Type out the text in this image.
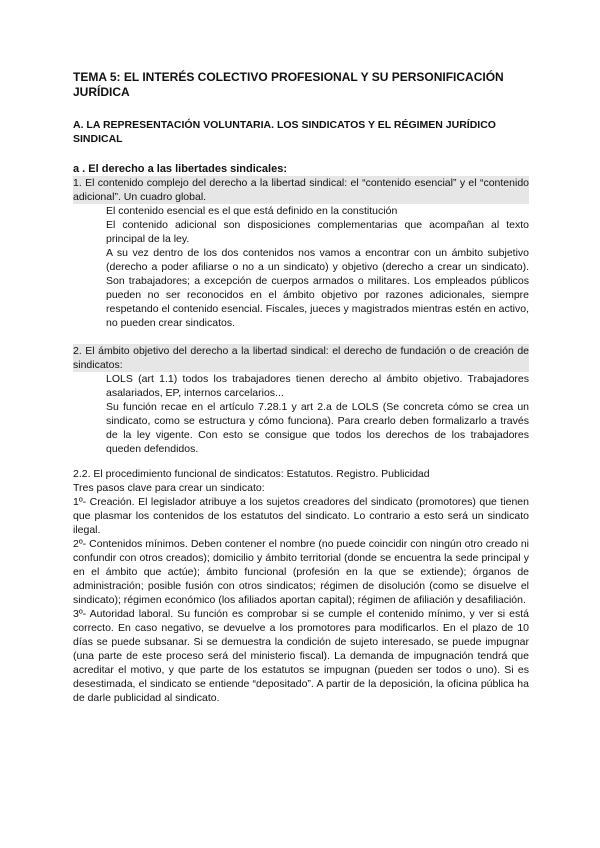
TEMA 5: EL INTERÉS COLECTIVO PROFESIONAL Y SU PERSONIFICACIÓN JURÍDICA
A. LA REPRESENTACIÓN VOLUNTARIA. LOS SINDICATOS Y EL RÉGIMEN JURÍDICO SINDICAL
a . El derecho a las libertades sindicales:
1. El contenido complejo del derecho a la libertad sindical: el “contenido esencial” y el “contenido adicional”. Un cuadro global.
El contenido esencial es el que está definido en la constitución
El contenido adicional son disposiciones complementarias que acompañan al texto principal de la ley.
A su vez dentro de los dos contenidos nos vamos a encontrar con un ámbito subjetivo (derecho a poder afiliarse o no a un sindicato) y objetivo (derecho a crear un sindicato). Son trabajadores; a excepción de cuerpos armados o militares. Los empleados públicos pueden no ser reconocidos en el ámbito objetivo por razones adicionales, siempre respetando el contenido esencial. Fiscales, jueces y magistrados mientras estén en activo, no pueden crear sindicatos.
2. El ámbito objetivo del derecho a la libertad sindical: el derecho de fundación o de creación de sindicatos:
LOLS (art 1.1) todos los trabajadores tienen derecho al ámbito objetivo. Trabajadores asalariados, EP, internos carcelarios...
Su función recae en el artículo 7.28.1 y art 2.a de LOLS (Se concreta cómo se crea un sindicato, como se estructura y cómo funciona). Para crearlo deben formalizarlo a través de la ley vigente. Con esto se consigue que todos los derechos de los trabajadores queden defendidos.
2.2. El procedimiento funcional de sindicatos: Estatutos. Registro. Publicidad
Tres pasos clave para crear un sindicato:
1º- Creación. El legislador atribuye a los sujetos creadores del sindicato (promotores) que tienen que plasmar los contenidos de los estatutos del sindicato. Lo contrario a esto será un sindicato ilegal.
2º- Contenidos mínimos. Deben contener el nombre (no puede coincidir con ningún otro creado ni confundir con otros creados); domicilio y ámbito territorial (donde se encuentra la sede principal y en el ámbito que actúe); ámbito funcional (profesión en la que se extiende); órganos de administración; posible fusión con otros sindicatos; régimen de disolución (como se disuelve el sindicato); régimen económico (los afiliados aportan capital); régimen de afiliación y desafiliación.
3º- Autoridad laboral. Su función es comprobar si se cumple el contenido mínimo, y ver si está correcto. En caso negativo, se devuelve a los promotores para modificarlos. En el plazo de 10 días se puede subsanar. Si se demuestra la condición de sujeto interesado, se puede impugnar (una parte de este proceso será del ministerio fiscal). La demanda de impugnación tendrá que acreditar el motivo, y que parte de los estatutos se impugnan (pueden ser todos o uno). Si es desestimada, el sindicato se entiende “depositado”. A partir de la deposición, la oficina pública ha de darle publicidad al sindicato.
